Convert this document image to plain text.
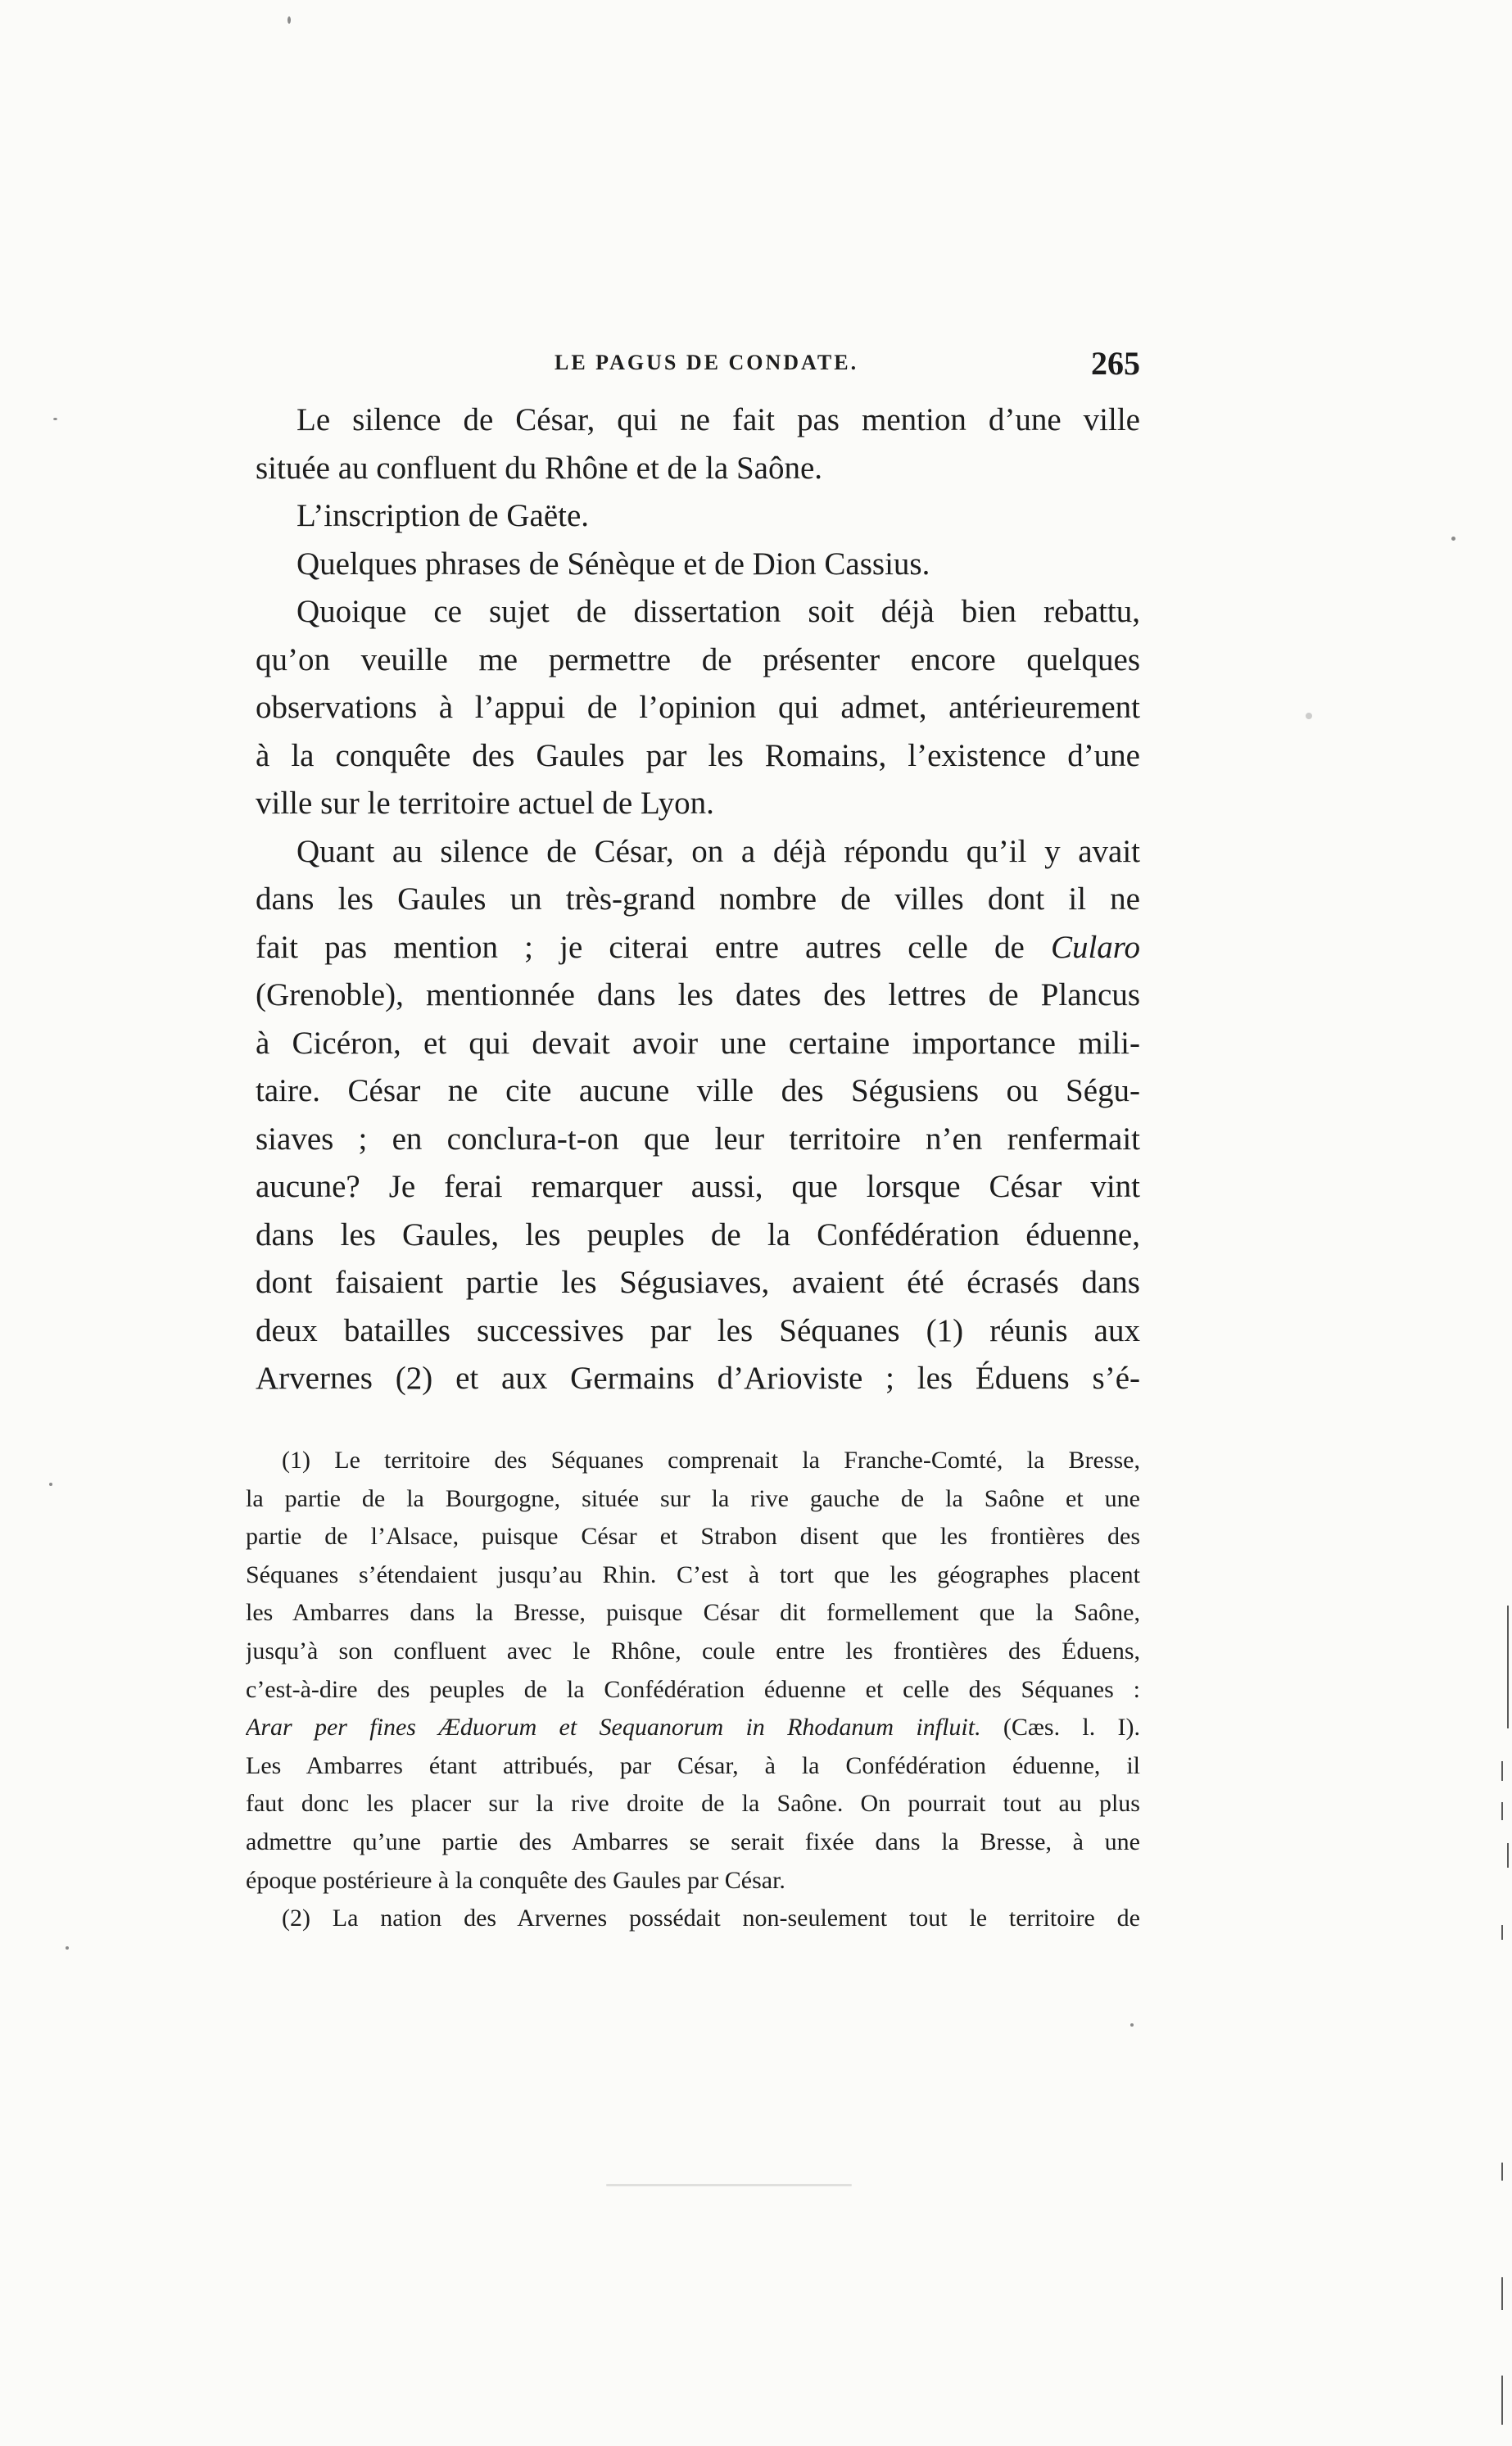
LE PAGUS DE CONDATE.	265
Le silence de César, qui ne fait pas mention d’une ville
située au confluent du Rhône et de la Saône.
L’inscription de Gaëte.
Quelques phrases de Sénèque et de Dion Cassius.
Quoique ce sujet de dissertation soit déjà bien rebattu,
qu’on veuille me permettre de présenter encore quelques
observations à l’appui de l’opinion qui admet, antérieurement
à la conquête des Gaules par les Romains, l’existence d’une
ville sur le territoire actuel de Lyon.
Quant au silence de César, on a déjà répondu qu’il y avait
dans les Gaules un très-grand nombre de villes dont il ne
fait pas mention ; je citerai entre autres celle de Cularo
(Grenoble), mentionnée dans les dates des lettres de Plancus
à Cicéron, et qui devait avoir une certaine importance mili-
taire. César ne cite aucune ville des Ségusiens ou Ségu-
siaves ; en conclura-t-on que leur territoire n’en renfermait
aucune? Je ferai remarquer aussi, que lorsque César vint
dans les Gaules, les peuples de la Confédération éduenne,
dont faisaient partie les Ségusiaves, avaient été écrasés dans
deux batailles successives par les Séquanes (1) réunis aux
Arvernes (2) et aux Germains d’Arioviste ; les Éduens s’é-
(1) Le territoire des Séquanes comprenait la Franche-Comté, la Bresse,
la partie de la Bourgogne, située sur la rive gauche de la Saône et une
partie de l’Alsace, puisque César et Strabon disent que les frontières des
Séquanes s’étendaient jusqu’au Rhin. C’est à tort que les géographes placent
les Ambarres dans la Bresse, puisque César dit formellement que la Saône,
jusqu’à son confluent avec le Rhône, coule entre les frontières des Éduens,
c’est-à-dire des peuples de la Confédération éduenne et celle des Séquanes :
Arar per fines Æduorum et Sequanorum in Rhodanum influit. (Cæs. l. I).
Les Ambarres étant attribués, par César, à la Confédération éduenne, il
faut donc les placer sur la rive droite de la Saône. On pourrait tout au plus
admettre qu’une partie des Ambarres se serait fixée dans la Bresse, à une
époque postérieure à la conquête des Gaules par César.
(2) La nation des Arvernes possédait non-seulement tout le territoire de
